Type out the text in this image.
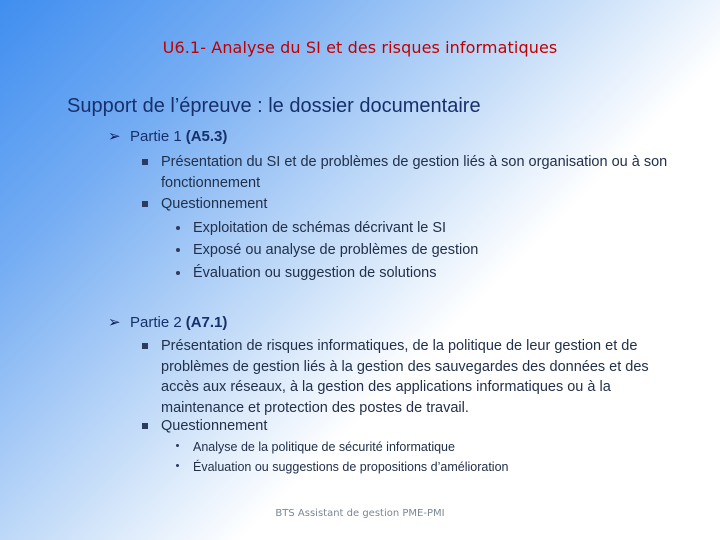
U6.1- Analyse du SI et des risques informatiques
Support de l’épreuve : le dossier documentaire
➢ Partie 1 (A5.3)
Présentation du SI et de problèmes de gestion liés à son organisation ou à son fonctionnement
Questionnement
Exploitation de schémas décrivant le SI
Exposé ou analyse de problèmes de gestion
Évaluation ou suggestion de solutions
➢ Partie 2 (A7.1)
Présentation de risques informatiques, de la politique de leur gestion et de problèmes de gestion liés à la gestion des sauvegardes des données et des accès aux réseaux, à la gestion des applications informatiques ou à la maintenance et protection des postes de travail.
Questionnement
Analyse de la politique de sécurité informatique
Évaluation ou suggestions de propositions d’amélioration
BTS Assistant de gestion PME-PMI
